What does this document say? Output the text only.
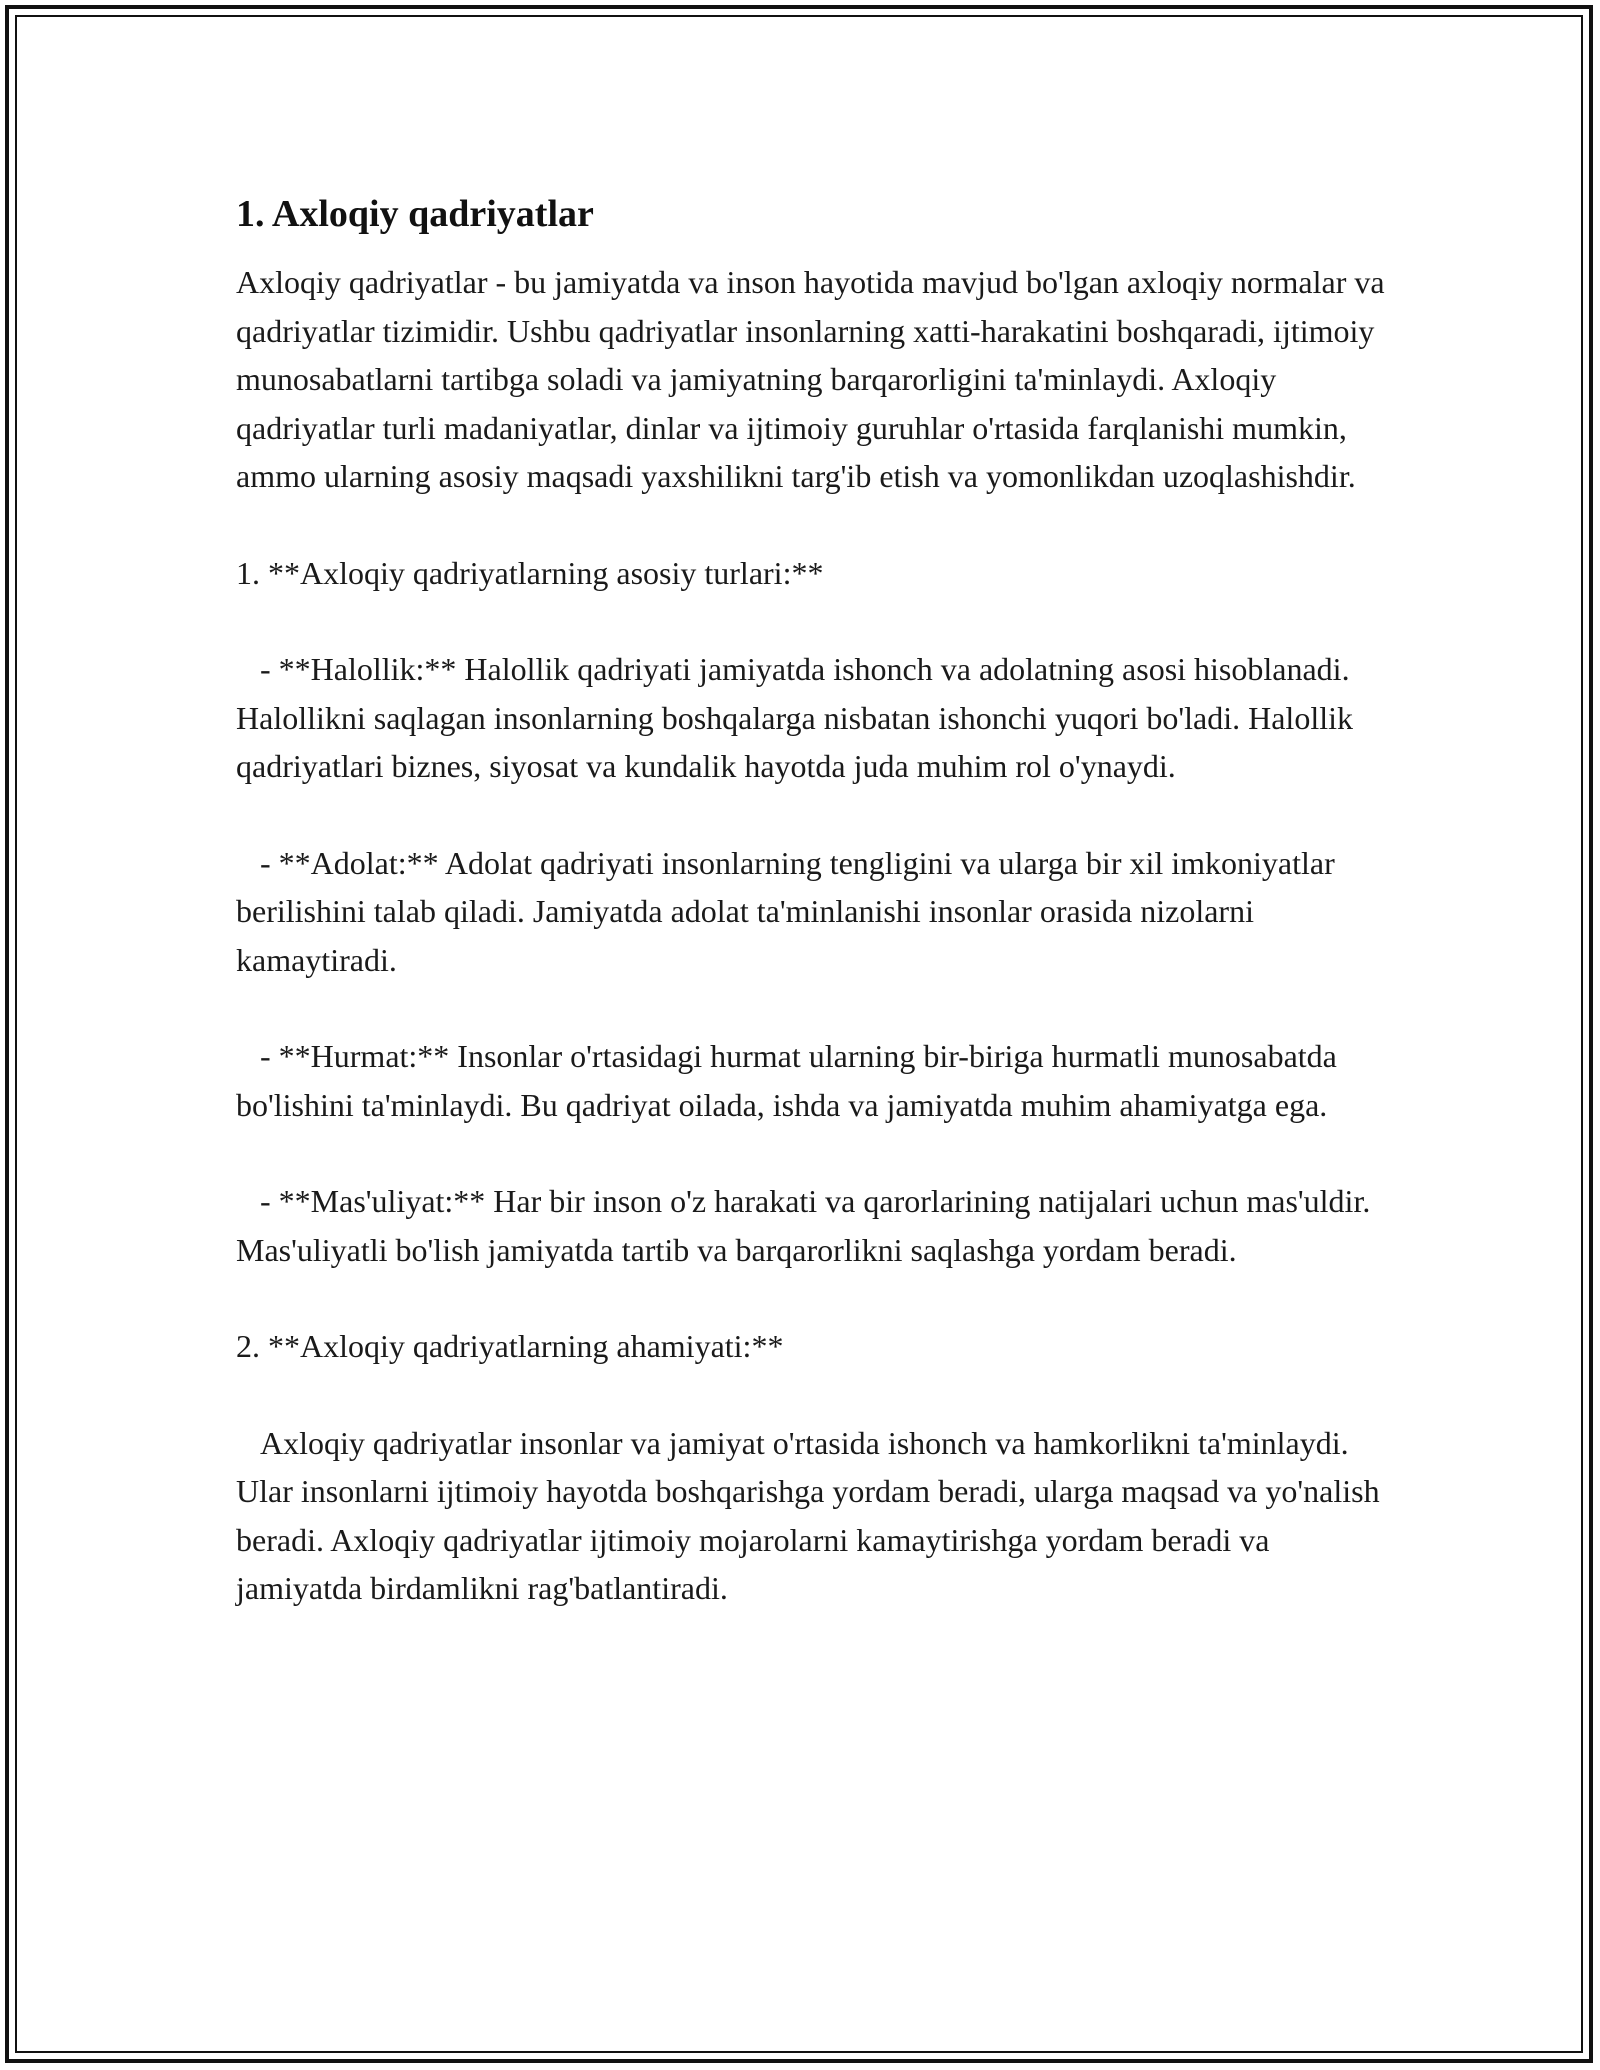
1. Axloqiy qadriyatlar

Axloqiy qadriyatlar - bu jamiyatda va inson hayotida mavjud bo'lgan axloqiy normalar va qadriyatlar tizimidir. Ushbu qadriyatlar insonlarning xatti-harakatini boshqaradi, ijtimoiy munosabatlarni tartibga soladi va jamiyatning barqarorligini ta'minlaydi. Axloqiy qadriyatlar turli madaniyatlar, dinlar va ijtimoiy guruhlar o'rtasida farqlanishi mumkin, ammo ularning asosiy maqsadi yaxshilikni targ'ib etish va yomonlikdan uzoqlashishdir.

1. **Axloqiy qadriyatlarning asosiy turlari:**

- **Halollik:** Halollik qadriyati jamiyatda ishonch va adolatning asosi hisoblanadi. Halollikni saqlagan insonlarning boshqalarga nisbatan ishonchi yuqori bo'ladi. Halollik qadriyatlari biznes, siyosat va kundalik hayotda juda muhim rol o'ynaydi.

- **Adolat:** Adolat qadriyati insonlarning tengligini va ularga bir xil imkoniyatlar berilishini talab qiladi. Jamiyatda adolat ta'minlanishi insonlar orasida nizolarni kamaytiradi.

- **Hurmat:** Insonlar o'rtasidagi hurmat ularning bir-biriga hurmatli munosabatda bo'lishini ta'minlaydi. Bu qadriyat oilada, ishda va jamiyatda muhim ahamiyatga ega.

- **Mas'uliyat:** Har bir inson o'z harakati va qarorlarining natijalari uchun mas'uldir. Mas'uliyatli bo'lish jamiyatda tartib va barqarorlikni saqlashga yordam beradi.

2. **Axloqiy qadriyatlarning ahamiyati:**

Axloqiy qadriyatlar insonlar va jamiyat o'rtasida ishonch va hamkorlikni ta'minlaydi. Ular insonlarni ijtimoiy hayotda boshqarishga yordam beradi, ularga maqsad va yo'nalish beradi. Axloqiy qadriyatlar ijtimoiy mojarolarni kamaytirishga yordam beradi va jamiyatda birdamlikni rag'batlantiradi.
